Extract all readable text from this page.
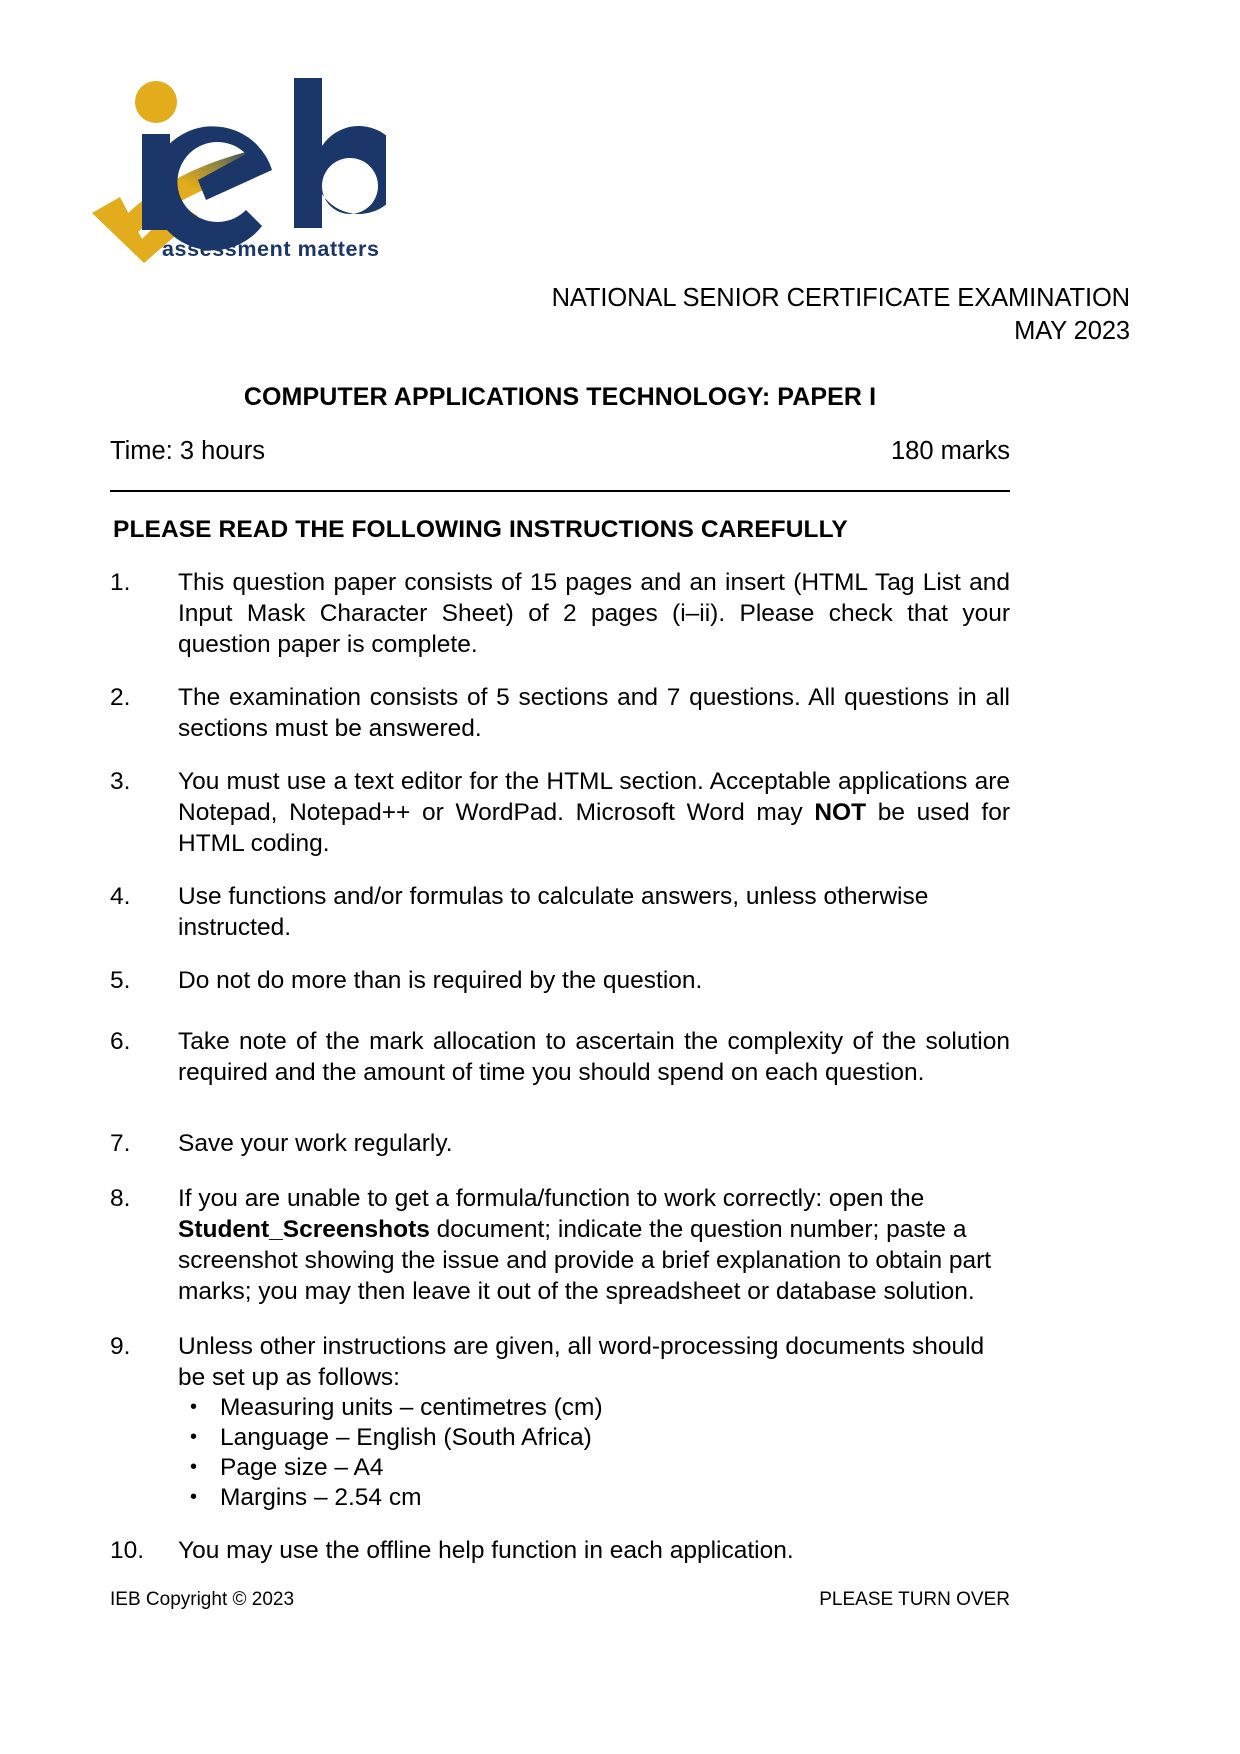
assessment matters
NATIONAL SENIOR CERTIFICATE EXAMINATION
MAY 2023
COMPUTER APPLICATIONS TECHNOLOGY: PAPER I
Time: 3 hours	180 marks
PLEASE READ THE FOLLOWING INSTRUCTIONS CAREFULLY
1.	This question paper consists of 15 pages and an insert (HTML Tag List and Input Mask Character Sheet) of 2 pages (i–ii). Please check that your question paper is complete.
2.	The examination consists of 5 sections and 7 questions. All questions in all sections must be answered.
3.	You must use a text editor for the HTML section. Acceptable applications are Notepad, Notepad++ or WordPad. Microsoft Word may NOT be used for HTML coding.
4.	Use functions and/or formulas to calculate answers, unless otherwise instructed.
5.	Do not do more than is required by the question.
6.	Take note of the mark allocation to ascertain the complexity of the solution required and the amount of time you should spend on each question.
7.	Save your work regularly.
8.	If you are unable to get a formula/function to work correctly: open the Student_Screenshots document; indicate the question number; paste a screenshot showing the issue and provide a brief explanation to obtain part marks; you may then leave it out of the spreadsheet or database solution.
9.	Unless other instructions are given, all word-processing documents should be set up as follows:
• Measuring units – centimetres (cm)
• Language – English (South Africa)
• Page size – A4
• Margins – 2.54 cm
10.	You may use the offline help function in each application.
IEB Copyright © 2023	PLEASE TURN OVER
